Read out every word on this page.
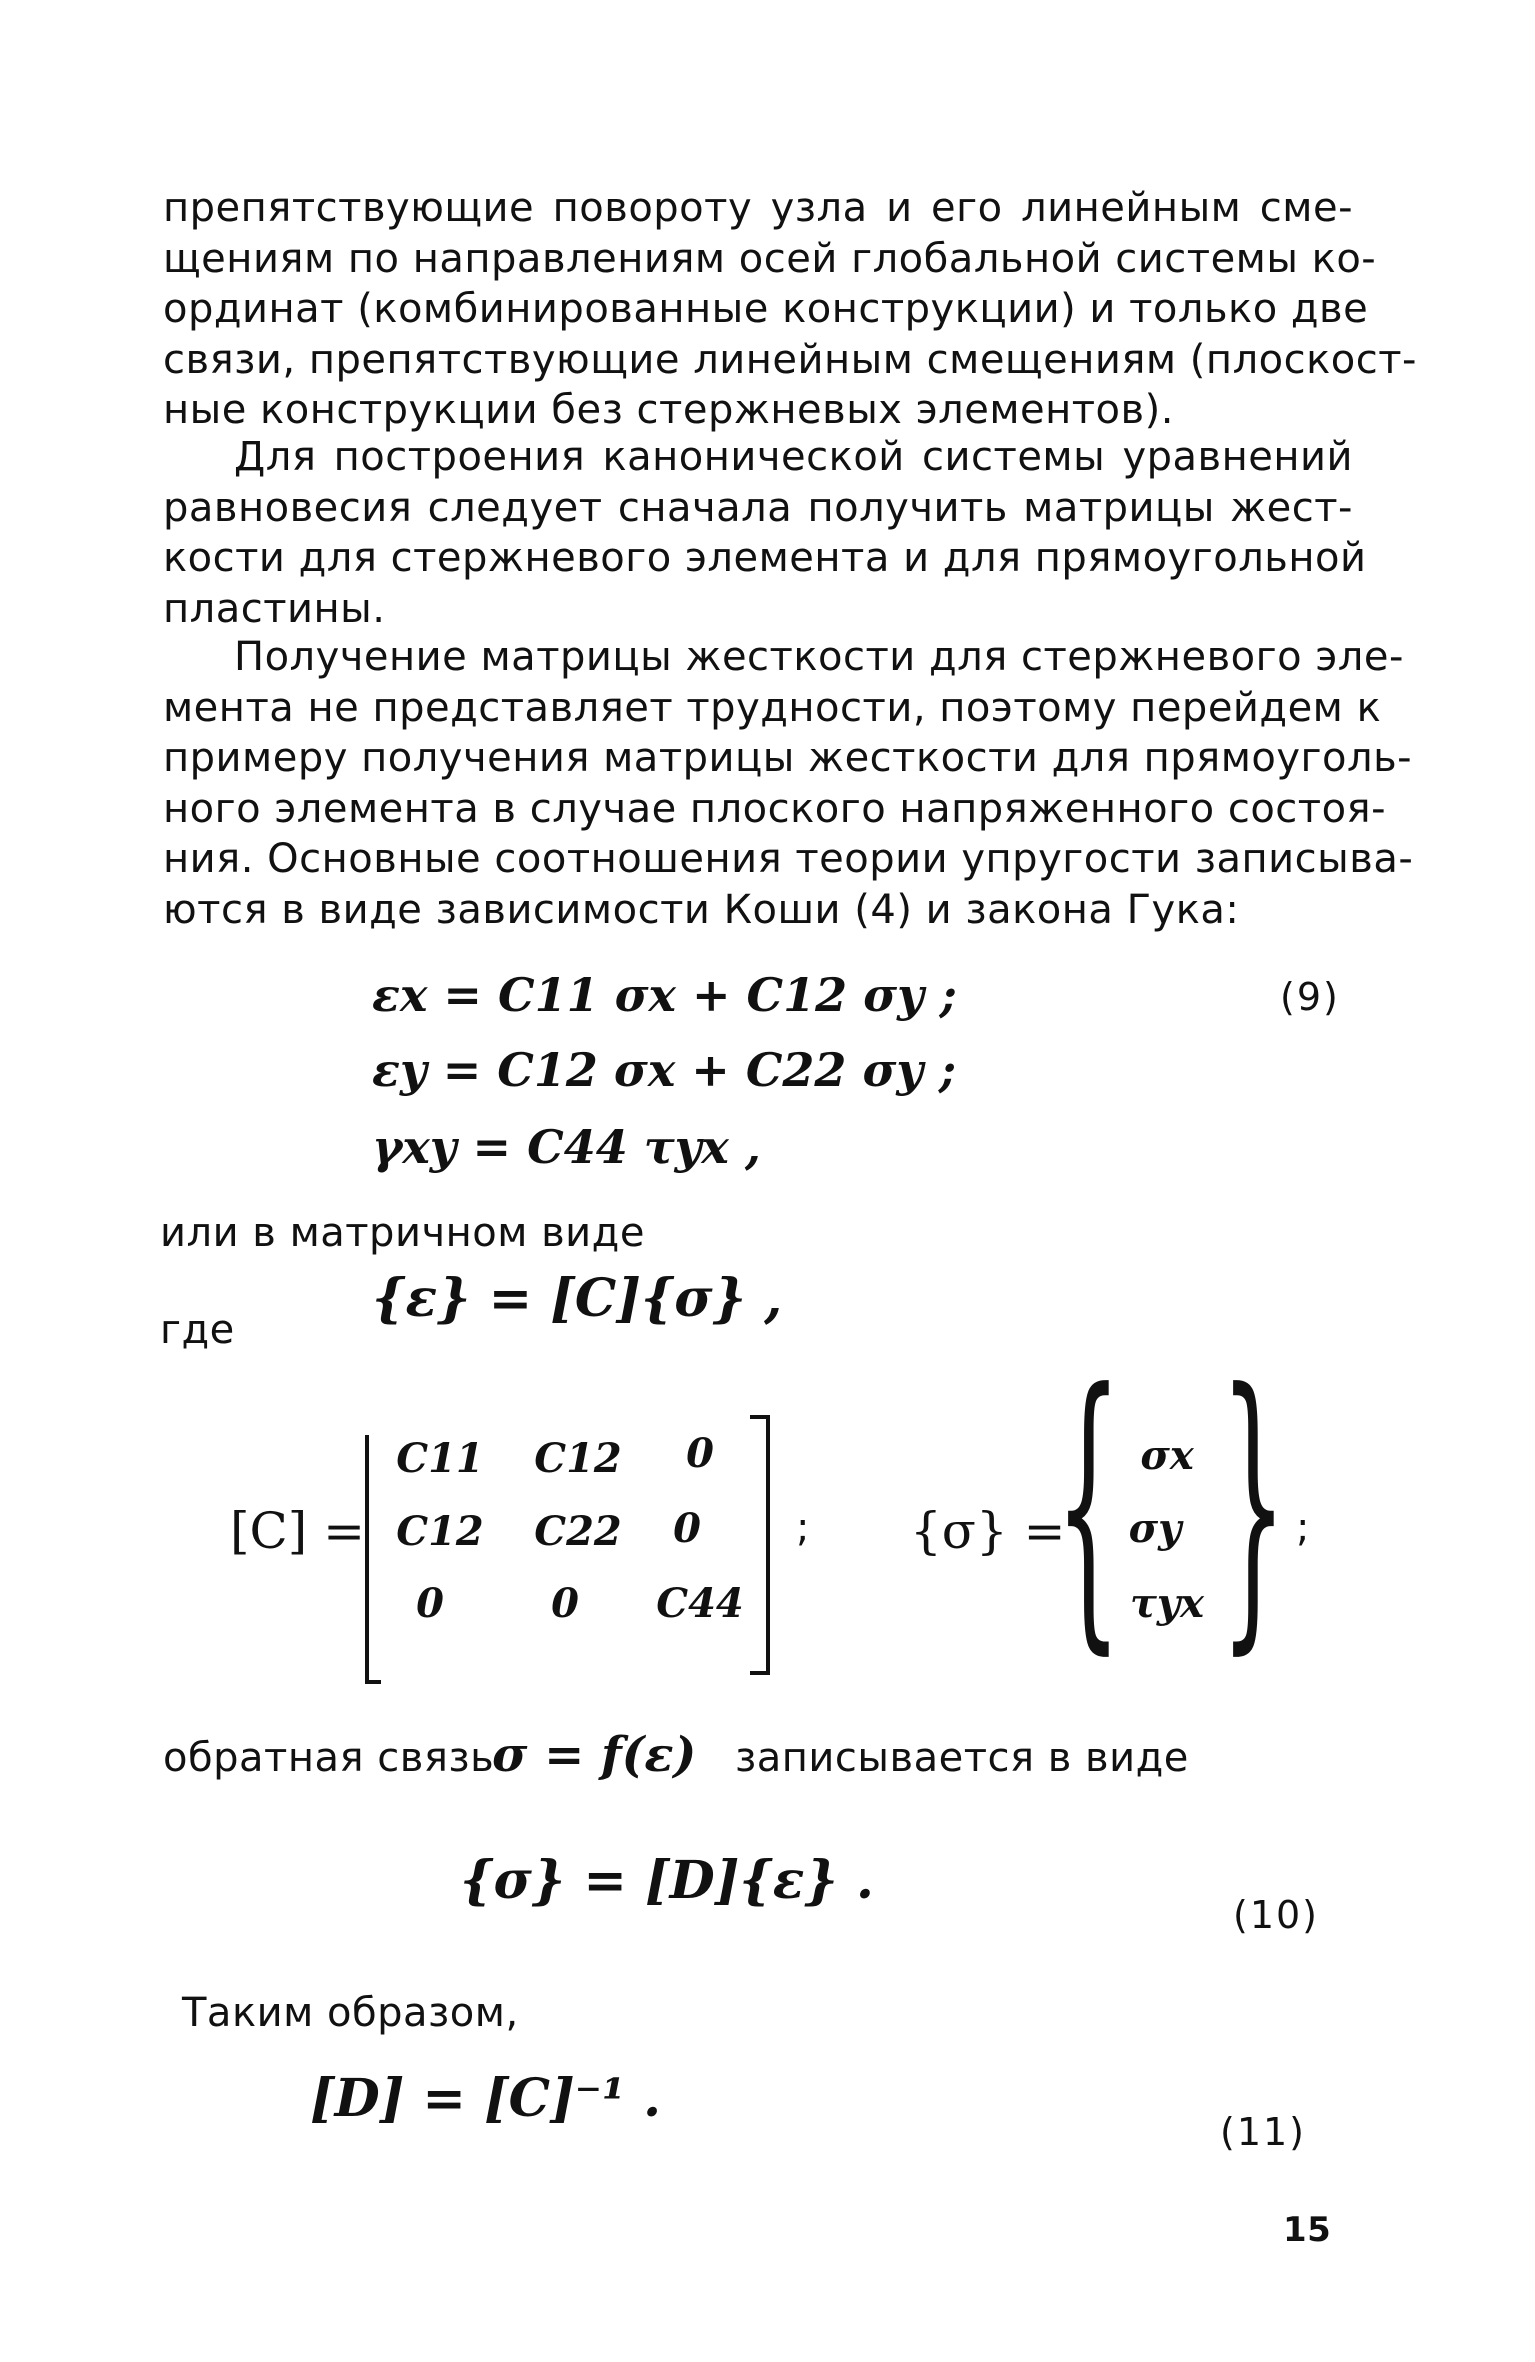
препятствующие повороту узла и его линейным сме-
щениям по направлениям осей глобальной системы ко-
ординат (комбинированные конструкции) и только две
связи, препятствующие линейным смещениям (плоскост-
ные конструкции без стержневых элементов).
Для построения канонической системы уравнений
равновесия следует сначала получить матрицы жест-
кости для стержневого элемента и для прямоугольной
пластины.
Получение матрицы жесткости для стержневого эле-
мента не представляет трудности, поэтому перейдем к
примеру получения матрицы жесткости для прямоуголь-
ного элемента в случае плоского напряженного состоя-
ния. Основные соотношения теории упругости записыва-
ются в виде зависимости Коши (4) и закона Гука:
εx = C11 σx + C12 σy ;
εy = C12 σx + C22 σy ;
γxy = C44 τyx ,
(9)
или в матричном виде
{ε} = [C]{σ} ,
где
[C] =
C11 C12	0
C12 C22	0
0	0	C44
; {σ} =
{ }
σx
σy
τyx
;
обратная связь
σ = f(ε) записывается в виде
{σ} = [D]{ε} .
(10)
Таким образом,
[D] = [C]⁻¹ .
(11)
15
